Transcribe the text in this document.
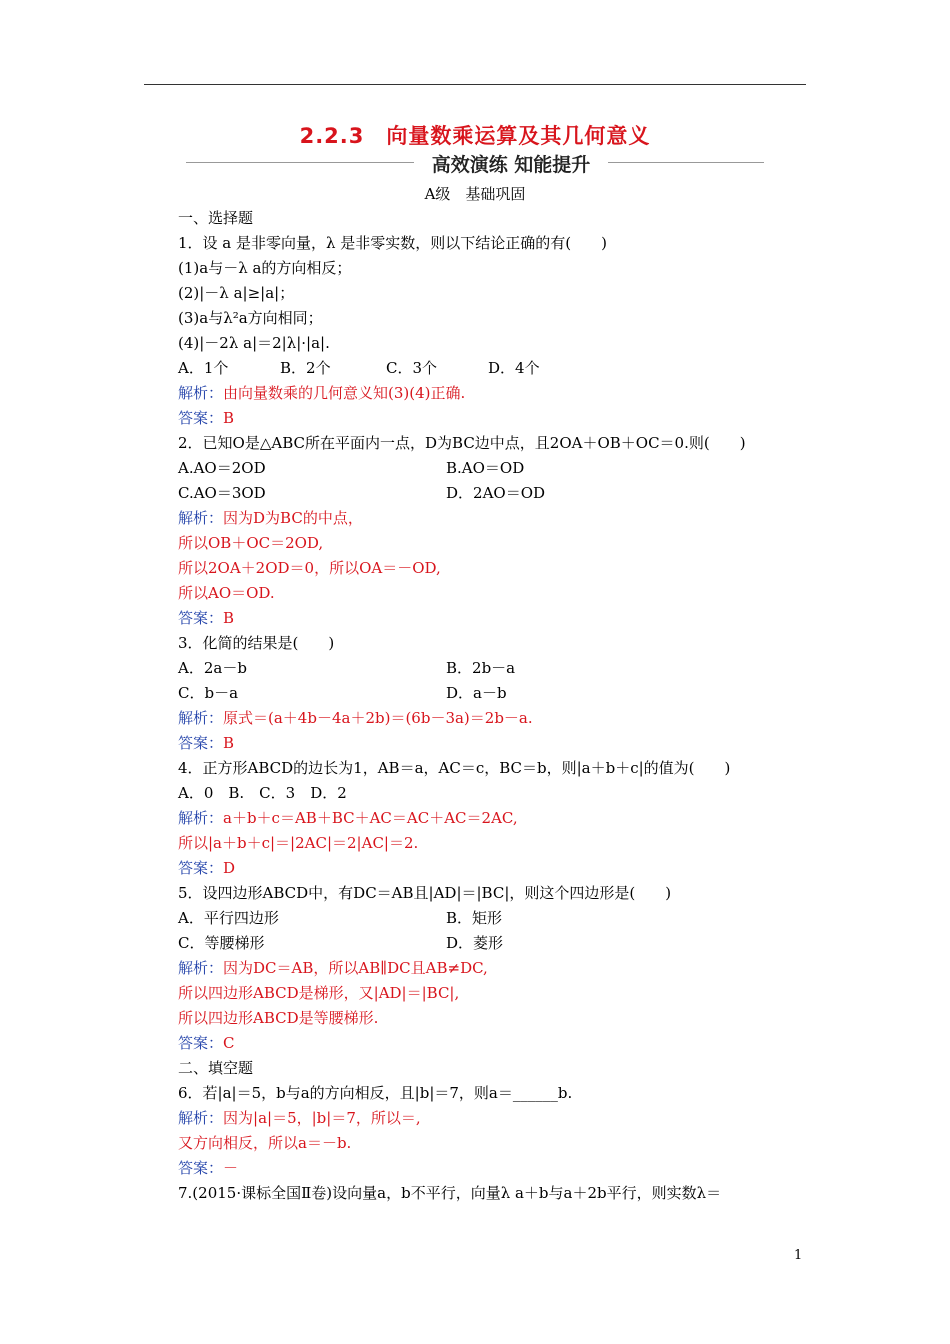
2.2.3　向量数乘运算及其几何意义
高效演练 知能提升
A级　基础巩固
一、选择题
1．设 a 是非零向量，λ 是非零实数，则以下结论正确的有(　　)
(1)a与－λ a的方向相反；
(2)|－λ a|≥|a|；
(3)a与λ²a方向相同；
(4)|－2λ a|＝2|λ|·|a|.
A．1个	B．2个	C．3个	D．4个
解析：由向量数乘的几何意义知(3)(4)正确.
答案：B
2．已知O是△ABC所在平面内一点，D为BC边中点，且2OA＋OB＋OC＝0.则(　　)
A.AO＝2OD	B.AO＝OD
C.AO＝3OD	D．2AO＝OD
解析：因为D为BC的中点，
所以OB＋OC＝2OD,
所以2OA＋2OD＝0，所以OA＝－OD,
所以AO＝OD.
答案：B
3．化简的结果是(　　)
A．2a－b	B．2b－a
C．b－a	D．a－b
解析：原式＝(a＋4b－4a＋2b)＝(6b－3a)＝2b－a.
答案：B
4．正方形ABCD的边长为1，AB＝a，AC＝c，BC＝b，则|a＋b＋c|的值为(　　)
A．0　B.　C．3　D．2
解析：a＋b＋c＝AB＋BC＋AC＝AC＋AC＝2AC,
所以|a＋b＋c|＝|2AC|＝2|AC|＝2.
答案：D
5．设四边形ABCD中，有DC＝AB且|AD|＝|BC|，则这个四边形是(　　)
A．平行四边形	B．矩形
C．等腰梯形	D．菱形
解析：因为DC＝AB，所以AB∥DC且AB≠DC,
所以四边形ABCD是梯形，又|AD|＝|BC|,
所以四边形ABCD是等腰梯形.
答案：C
二、填空题
6．若|a|＝5，b与a的方向相反，且|b|＝7，则a＝______b.
解析：因为|a|＝5，|b|＝7，所以＝,
又方向相反，所以a＝－b.
答案：－
7.(2015·课标全国Ⅱ卷)设向量a，b不平行，向量λ a＋b与a＋2b平行，则实数λ＝
1
